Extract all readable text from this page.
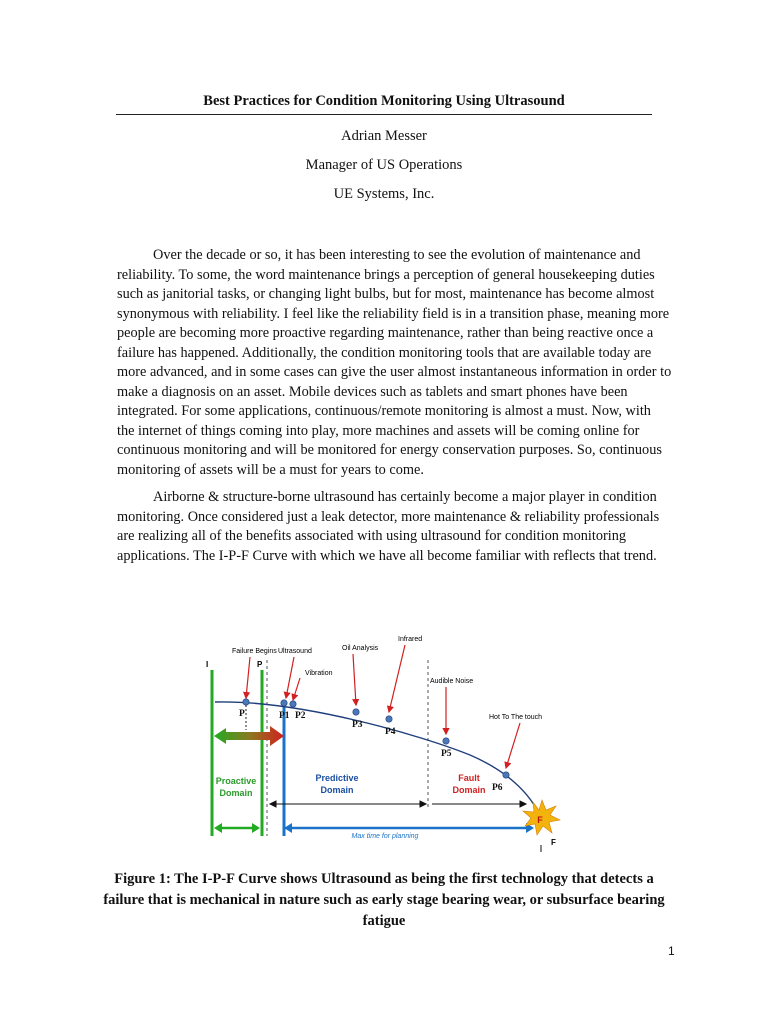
Best Practices for Condition Monitoring Using Ultrasound
Adrian Messer
Manager of US Operations
UE Systems, Inc.
Over the decade or so, it has been interesting to see the evolution of maintenance and
reliability. To some, the word maintenance brings a perception of general housekeeping duties
such as janitorial tasks, or changing light bulbs, but for most, maintenance has become almost
synonymous with reliability. I feel like the reliability field is in a transition phase, meaning more
people are becoming more proactive regarding maintenance, rather than being reactive once a
failure has happened. Additionally, the condition monitoring tools that are available today are
more advanced, and in some cases can give the user almost instantaneous information in order to
make a diagnosis on an asset. Mobile devices such as tablets and smart phones have been
integrated. For some applications, continuous/remote monitoring is almost a must. Now, with
the internet of things coming into play, more machines and assets will be coming online for
continuous monitoring and will be monitored for energy conservation purposes. So, continuous
monitoring of assets will be a must for years to come.
Airborne & structure-borne ultrasound has certainly become a major player in condition
monitoring. Once considered just a leak detector, more maintenance & reliability professionals
are realizing all of the benefits associated with using ultrasound for condition monitoring
applications. The I-P-F Curve with which we have all become familiar with reflects that trend.
Failure Begins Ultrasound	Oil Analysis
Infrared
Vibration
Audible Noise
Hot To The touch
I	P
P	P1 P2
P3
P4
P5
P6
Proactive
Domain
Predictive
Domain
Fault
Domain
Max time for planning
F
F
Figure 1: The I-P-F Curve shows Ultrasound as being the first technology that detects a
failure that is mechanical in nature such as early stage bearing wear, or subsurface bearing
fatigue
1
